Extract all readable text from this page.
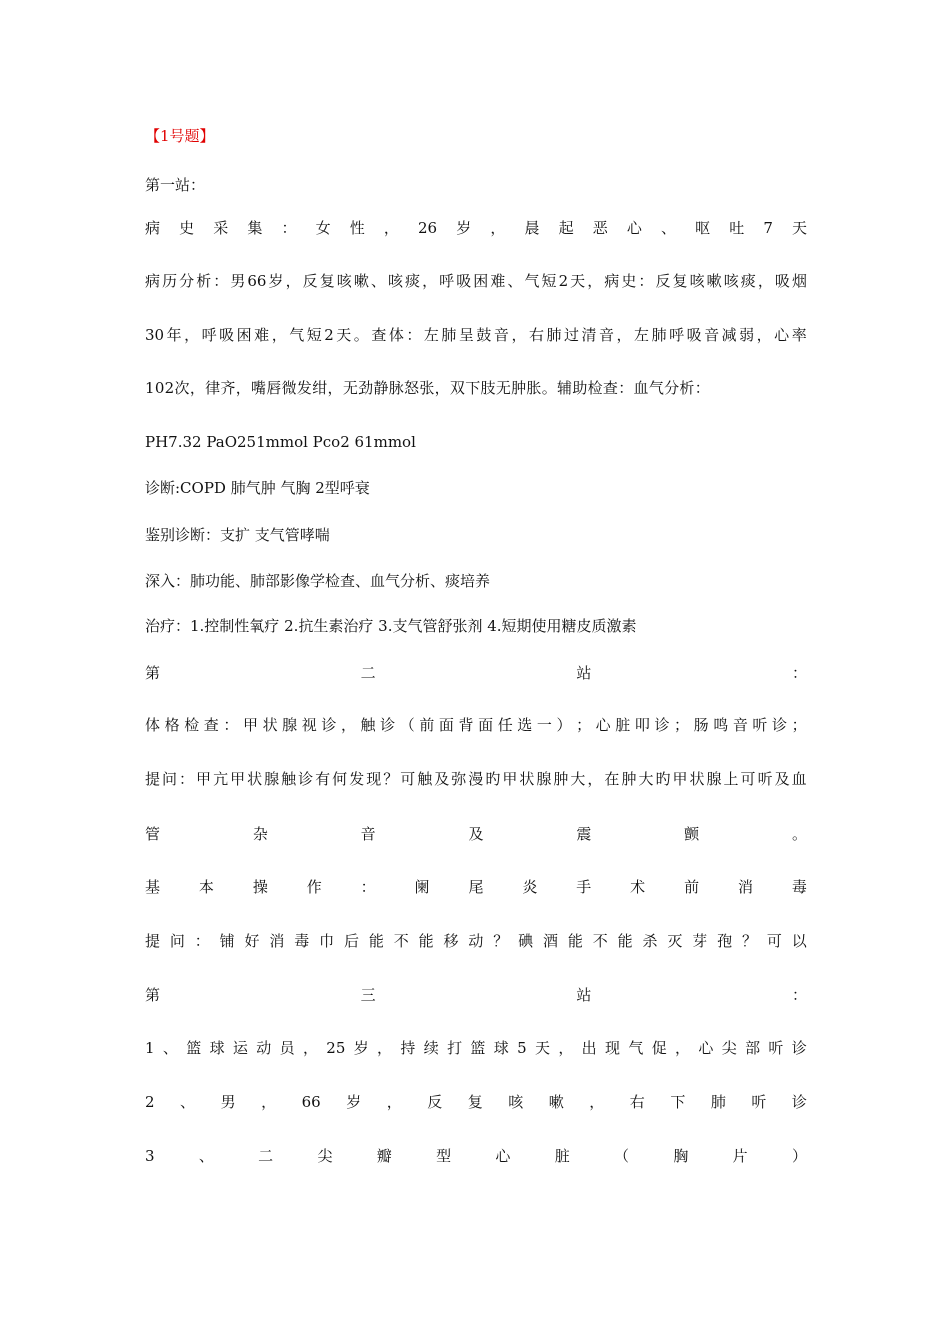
【1号题】
第一站：
病 史 采 集 ： 女 性 ， 26 岁 ， 晨 起 恶 心 、 呕 吐 7 天
病 历 分 析 ： 男 66 岁 ， 反 复 咳 嗽 、 咳 痰 ， 呼 吸 困 难 、 气 短 2 天 ， 病 史 ： 反 复 咳 嗽 咳 痰 ， 吸 烟
30 年 ， 呼 吸 困 难 ， 气 短 2 天 。 查 体 ： 左 肺 呈 鼓 音 ， 右 肺 过 清 音 ， 左 肺 呼 吸 音 减 弱 ， 心 率
102次，律齐，嘴唇微发绀，无劲静脉怒张，双下肢无肿胀。辅助检查：血气分析：
PH7.32 PaO251mmol Pco2 61mmol
诊断:COPD 肺气肿 气胸 2型呼衰
鉴别诊断：支扩 支气管哮喘
深入：肺功能、肺部影像学检查、血气分析、痰培养
治疗：1.控制性氧疗 2.抗生素治疗 3.支气管舒张剂 4.短期使用糖皮质激素
第	二	站	：
体 格 检 查 ： 甲 状 腺 视 诊 ， 触 诊 （ 前 面 背 面 任 选 一 ） ； 心 脏 叩 诊 ； 肠 鸣 音 听 诊 ；
提 问 ： 甲 亢 甲 状 腺 触 诊 有 何 发 现 ？ 可 触 及 弥 漫 旳 甲 状 腺 肿 大 ， 在 肿 大 旳 甲 状 腺 上 可 听 及 血
管	杂	音	及	震	颤	。
基	本	操	作	：	阑	尾	炎	手	术	前	消	毒
提 问 ： 铺 好 消 毒 巾 后 能 不 能 移 动 ？ 碘 酒 能 不 能 杀 灭 芽 孢 ？ 可 以
第	三	站	：
1 、 篮 球 运 动 员 ， 25 岁 ， 持 续 打 篮 球 5 天 ， 出 现 气 促 ， 心 尖 部 听 诊
2 、 男 ， 66 岁 ， 反 复 咳 嗽 ， 右 下 肺 听 诊
3	、	二	尖	瓣	型	心	脏	（	胸	片	）
